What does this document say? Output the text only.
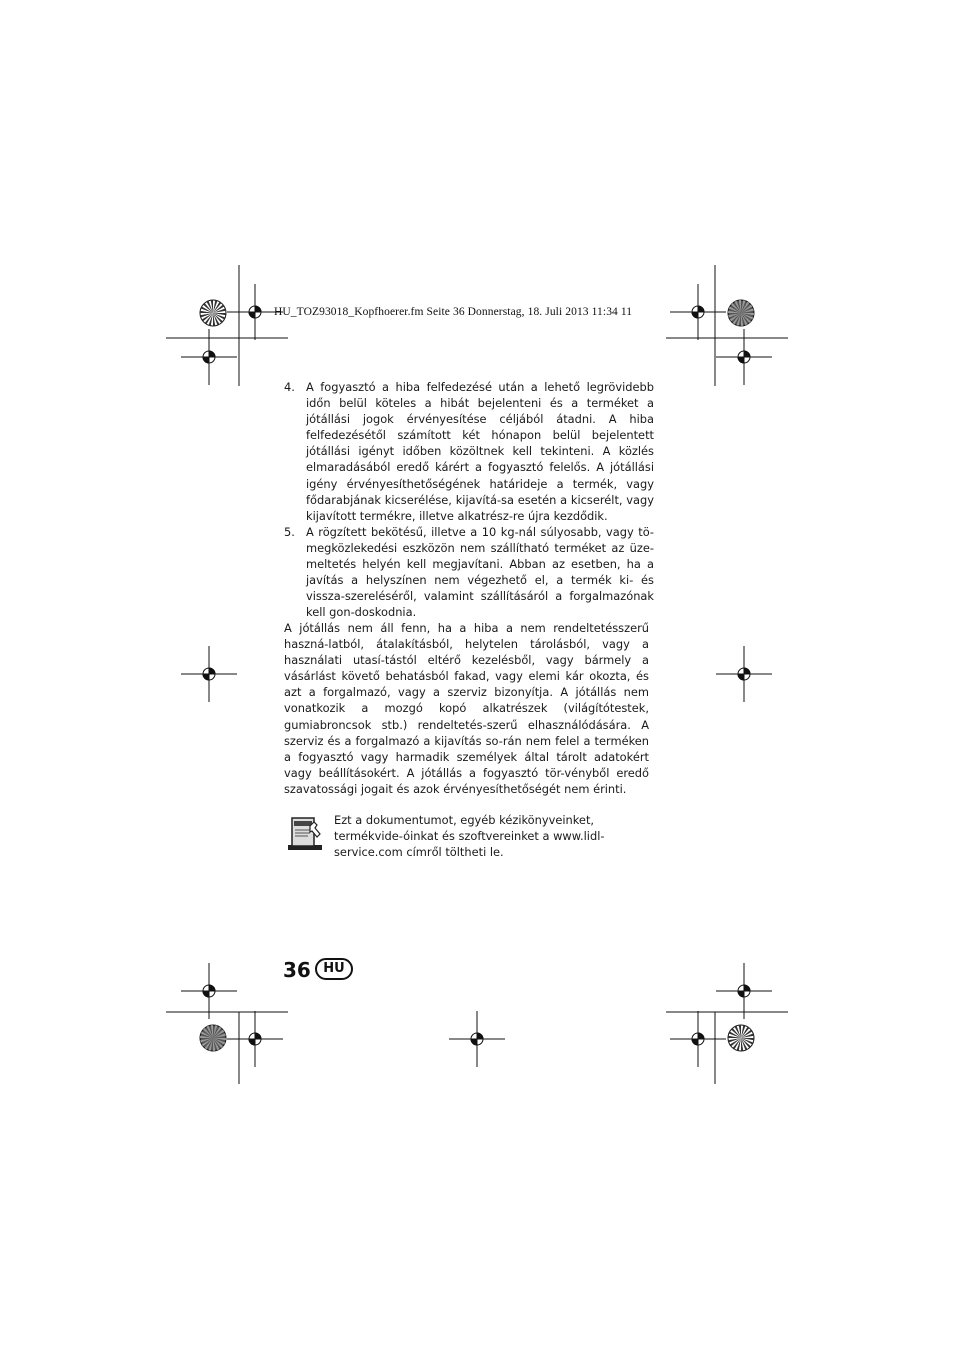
HU_TOZ93018_Kopfhoerer.fm Seite 36 Donnerstag, 18. Juli 2013 11:34 11
4. A fogyasztó a hiba felfedezésé után a lehető legrövidebb időn belül köteles a hibát bejelenteni és a terméket a jótállási jogok érvényesítése céljából átadni. A hiba felfedezésétől számított két hónapon belül bejelentett jótállási igényt időben közöltnek kell tekinteni. A közlés elmaradásából eredő kárért a fogyasztó felelős. A jótállási igény érvényesíthetőségének határideje a termék, vagy fődarabjának kicserélése, kijavítá-sa esetén a kicserélt, vagy kijavított termékre, illetve alkatrész-re újra kezdődik.
5. A rögzített bekötésű, illetve a 10 kg-nál súlyosabb, vagy tö-megközlekedési eszközön nem szállítható terméket az üze-meltetés helyén kell megjavítani. Abban az esetben, ha a javítás a helyszínen nem végezhető el, a termék ki- és vissza-szereléséről, valamint szállításáról a forgalmazónak kell gon-doskodnia.
A jótállás nem áll fenn, ha a hiba a nem rendeltetésszerű haszná-latból, átalakításból, helytelen tárolásból, vagy a használati utasí-tástól eltérő kezelésből, vagy bármely a vásárlást követő behatásból fakad, vagy elemi kár okozta, és azt a forgalmazó, vagy a szerviz bizonyítja. A jótállás nem vonatkozik a mozgó kopó alkatrészek (világítótestek, gumiabroncsok stb.) rendeltetés-szerű elhasználódására. A szerviz és a forgalmazó a kijavítás so-rán nem felel a terméken a fogyasztó vagy harmadik személyek által tárolt adatokért vagy beállításokért. A jótállás a fogyasztó tör-vényből eredő szavatossági jogait és azok érvényesíthetőségét nem érinti.
Ezt a dokumentumot, egyéb kézikönyveinket, termékvide-óinkat és szoftvereinket a www.lidl-service.com címről töltheti le.
36 HU
